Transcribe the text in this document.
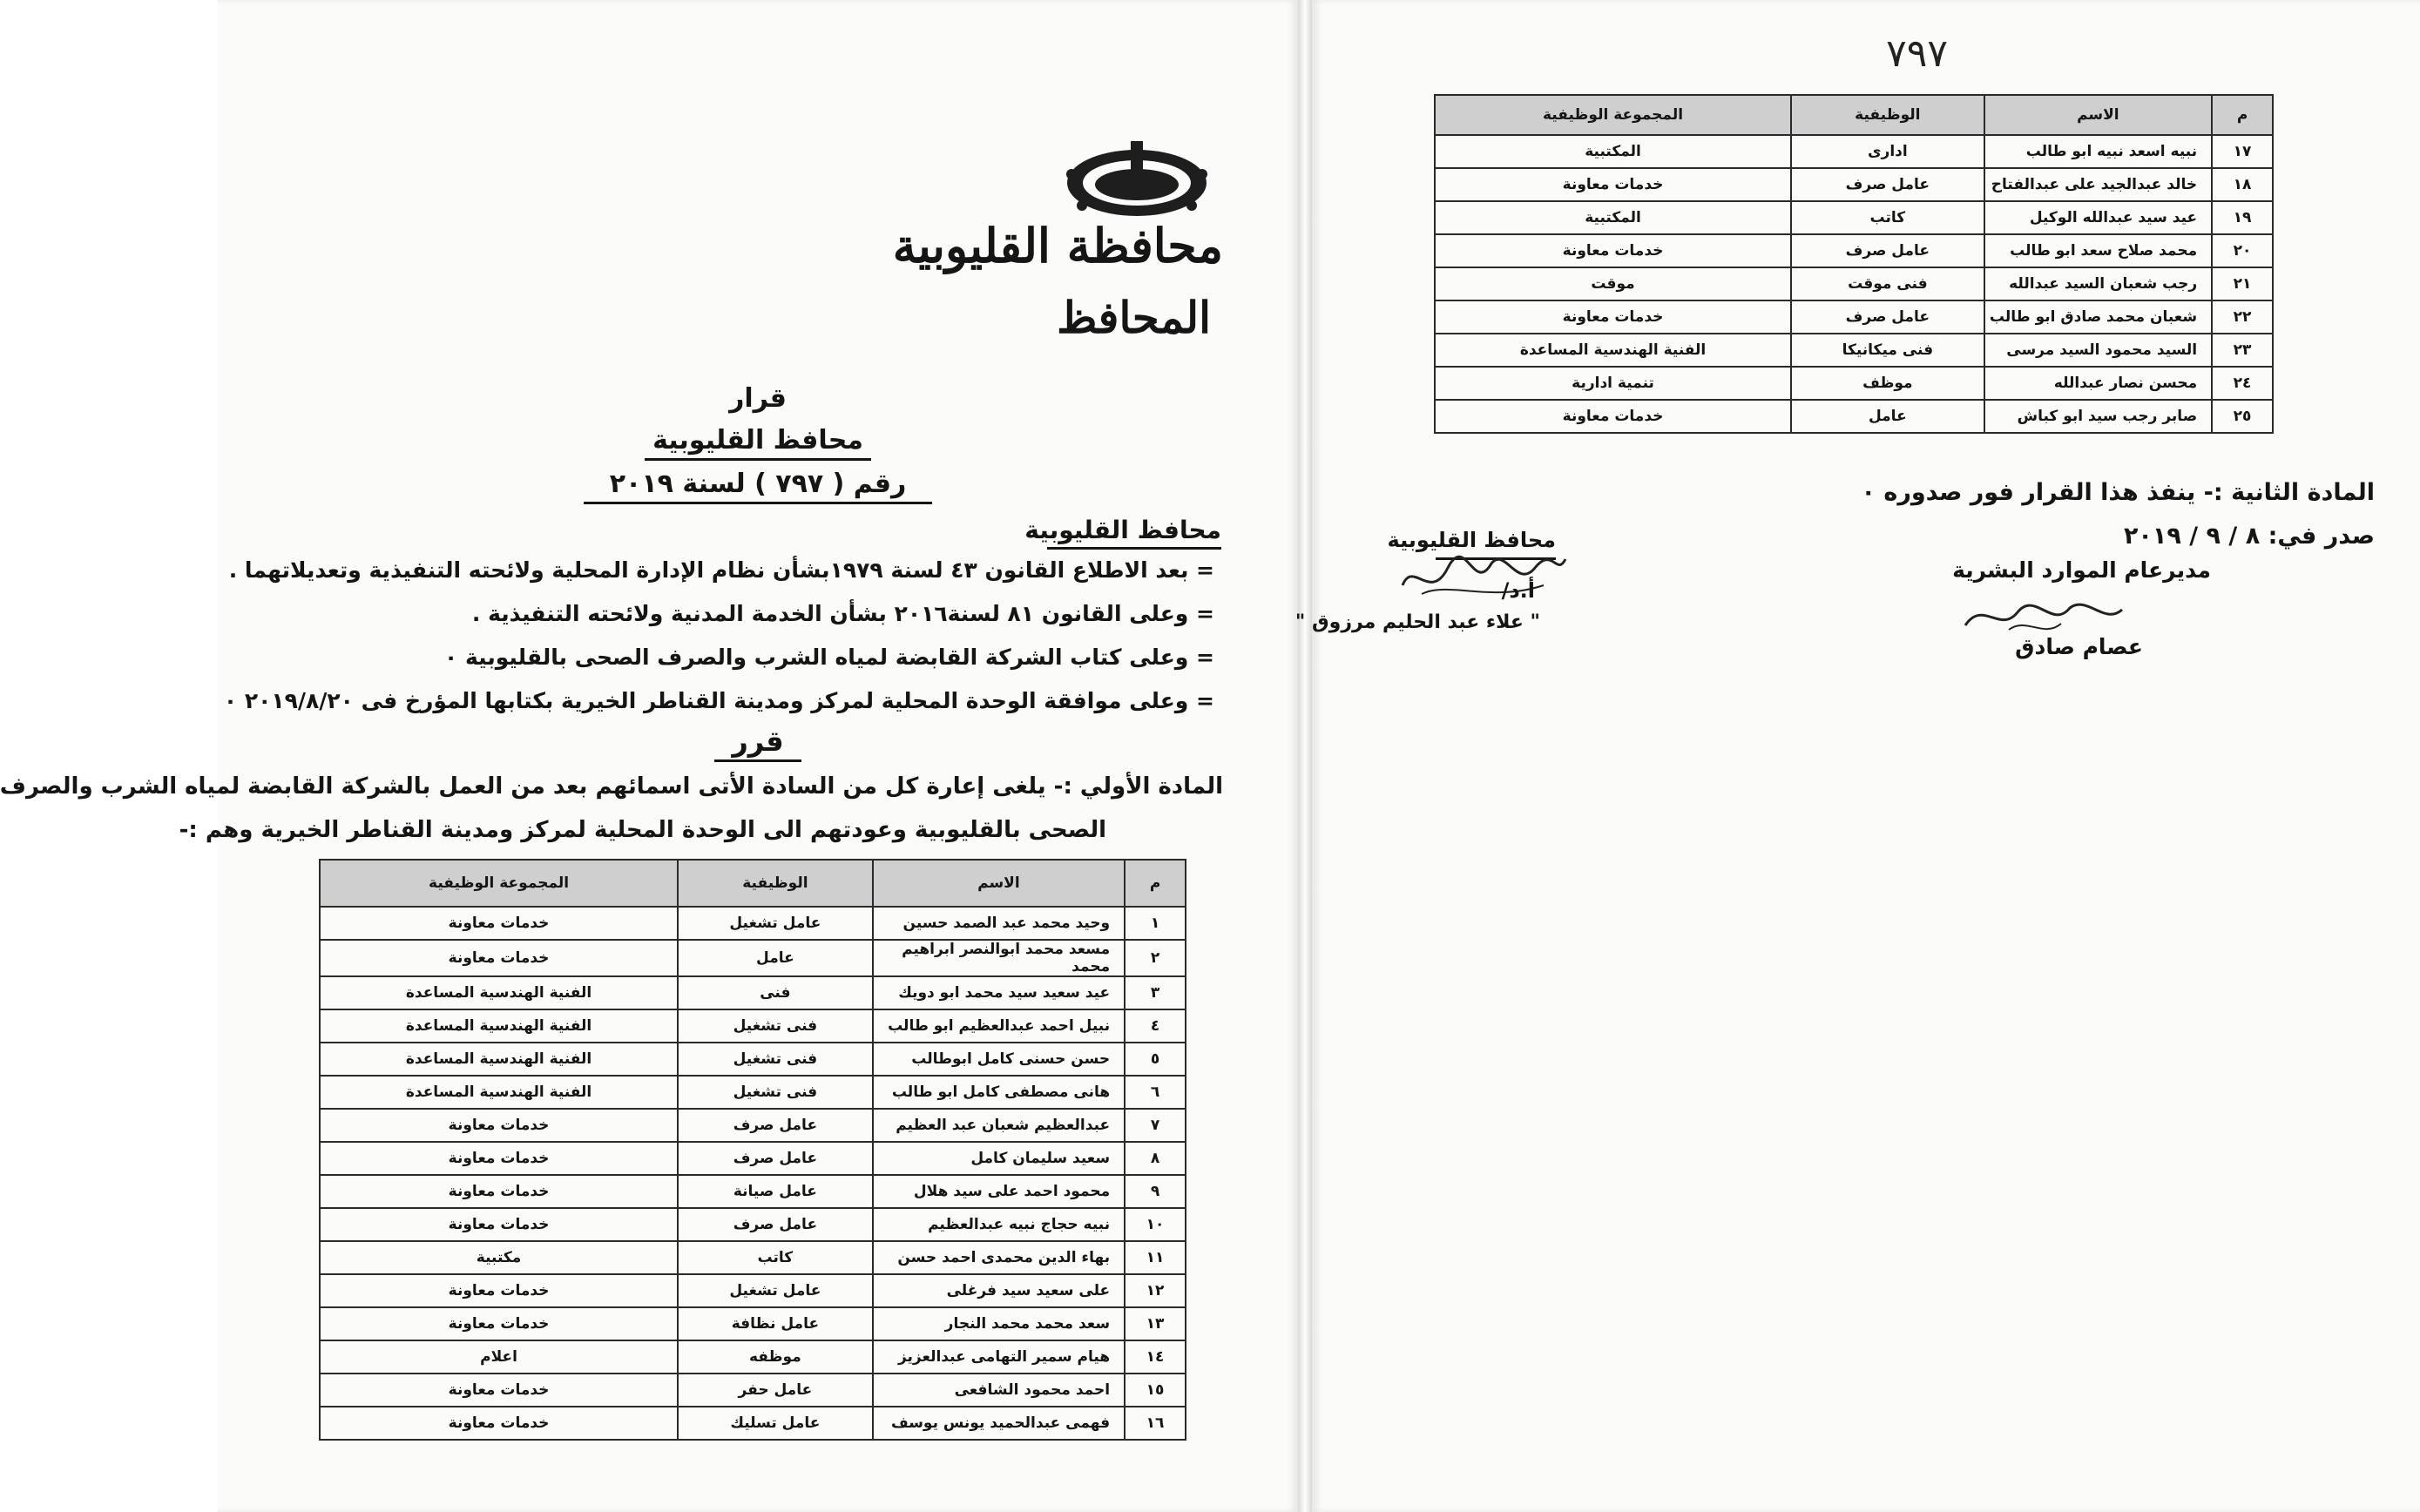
محافظة القليوبية
المحافظ
قرار
محافظ القليوبية
رقم ( ٧٩٧ ) لسنة ٢٠١٩
محافظ القليوبية
= بعد الاطلاع القانون ٤٣ لسنة ١٩٧٩بشأن نظام الإدارة المحلية ولائحته التنفيذية وتعديلاتهما .
= وعلى القانون ٨١ لسنة٢٠١٦ بشأن الخدمة المدنية ولائحته التنفيذية .
= وعلى كتاب الشركة القابضة لمياه الشرب والصرف الصحى بالقليوبية ٠
= وعلى موافقة الوحدة المحلية لمركز ومدينة القناطر الخيرية بكتابها المؤرخ فى ٢٠١٩/٨/٢٠ ٠
قرر
المادة الأولي :- يلغى إعارة كل من السادة الأتى اسمائهم بعد من العمل بالشركة القابضة لمياه الشرب والصرف
الصحى بالقليوبية وعودتهم الى الوحدة المحلية لمركز ومدينة القناطر الخيرية وهم :-
م	الاسم	الوظيفية	المجموعة الوظيفية
١	وحيد محمد عبد الصمد حسين	عامل تشغيل	خدمات معاونة
٢	مسعد محمد ابوالنصر ابراهيم محمد	عامل	خدمات معاونة
٣	عيد سعيد سيد محمد ابو دويك	فنى	الفنية الهندسية المساعدة
٤	نبيل احمد عبدالعظيم ابو طالب	فنى تشغيل	الفنية الهندسية المساعدة
٥	حسن حسنى كامل ابوطالب	فنى تشغيل	الفنية الهندسية المساعدة
٦	هانى مصطفى كامل ابو طالب	فنى تشغيل	الفنية الهندسية المساعدة
٧	عبدالعظيم شعبان عبد العظيم	عامل صرف	خدمات معاونة
٨	سعيد سليمان كامل	عامل صرف	خدمات معاونة
٩	محمود احمد على سيد هلال	عامل صيانة	خدمات معاونة
١٠	نبيه حجاج نبيه عبدالعظيم	عامل صرف	خدمات معاونة
١١	بهاء الدين محمدى احمد حسن	كاتب	مكتبية
١٢	على سعيد سيد فرغلى	عامل تشغيل	خدمات معاونة
١٣	سعد محمد محمد النجار	عامل نظافة	خدمات معاونة
١٤	هيام سمير التهامى عبدالعزيز	موظفه	اعلام
١٥	احمد محمود الشافعى	عامل حفر	خدمات معاونة
١٦	فهمى عبدالحميد يونس يوسف	عامل تسليك	خدمات معاونة
٧٩٧
م	الاسم	الوظيفية	المجموعة الوظيفية
١٧	نبيه اسعد نبيه ابو طالب	ادارى	المكتبية
١٨	خالد عبدالجيد على عبدالفتاح	عامل صرف	خدمات معاونة
١٩	عيد سيد عبدالله الوكيل	كاتب	المكتبية
٢٠	محمد صلاح سعد ابو طالب	عامل صرف	خدمات معاونة
٢١	رجب شعبان السيد عبدالله	فنى موقت	موقت
٢٢	شعبان محمد صادق ابو طالب	عامل صرف	خدمات معاونة
٢٣	السيد محمود السيد مرسى	فنى ميكانيكا	الفنية الهندسية المساعدة
٢٤	محسن نصار عبدالله	موظف	تنمية ادارية
٢٥	صابر رجب سيد ابو كباش	عامل	خدمات معاونة
المادة الثانية :- ينفذ هذا القرار فور صدوره ٠
صدر في: ٨ / ٩ / ٢٠١٩
مديرعام الموارد البشرية
عصام صادق
محافظ القليوبية
أ.د/
" علاء عبد الحليم مرزوق "
